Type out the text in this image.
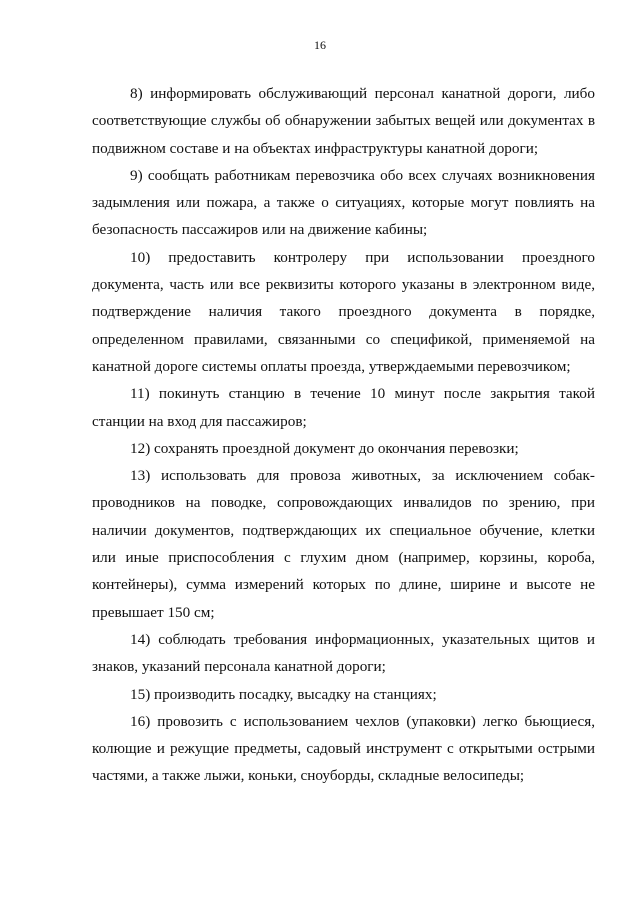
16

8) информировать обслуживающий персонал канатной дороги, либо соответствующие службы об обнаружении забытых вещей или документах в подвижном составе и на объектах инфраструктуры канатной дороги;

9) сообщать работникам перевозчика обо всех случаях возникновения задымления или пожара, а также о ситуациях, которые могут повлиять на безопасность пассажиров или на движение кабины;

10) предоставить контролеру при использовании проездного документа, часть или все реквизиты которого указаны в электронном виде, подтверждение наличия такого проездного документа в порядке, определенном правилами, связанными со спецификой, применяемой на канатной дороге системы оплаты проезда, утверждаемыми перевозчиком;

11) покинуть станцию в течение 10 минут после закрытия такой станции на вход для пассажиров;

12) сохранять проездной документ до окончания перевозки;

13) использовать для провоза животных, за исключением собак-проводников на поводке, сопровождающих инвалидов по зрению, при наличии документов, подтверждающих их специальное обучение, клетки или иные приспособления с глухим дном (например, корзины, короба, контейнеры), сумма измерений которых по длине, ширине и высоте не превышает 150 см;

14) соблюдать требования информационных, указательных щитов и знаков, указаний персонала канатной дороги;

15) производить посадку, высадку на станциях;

16) провозить с использованием чехлов (упаковки) легко бьющиеся, колющие и режущие предметы, садовый инструмент с открытыми острыми частями, а также лыжи, коньки, сноуборды, складные велосипеды;
